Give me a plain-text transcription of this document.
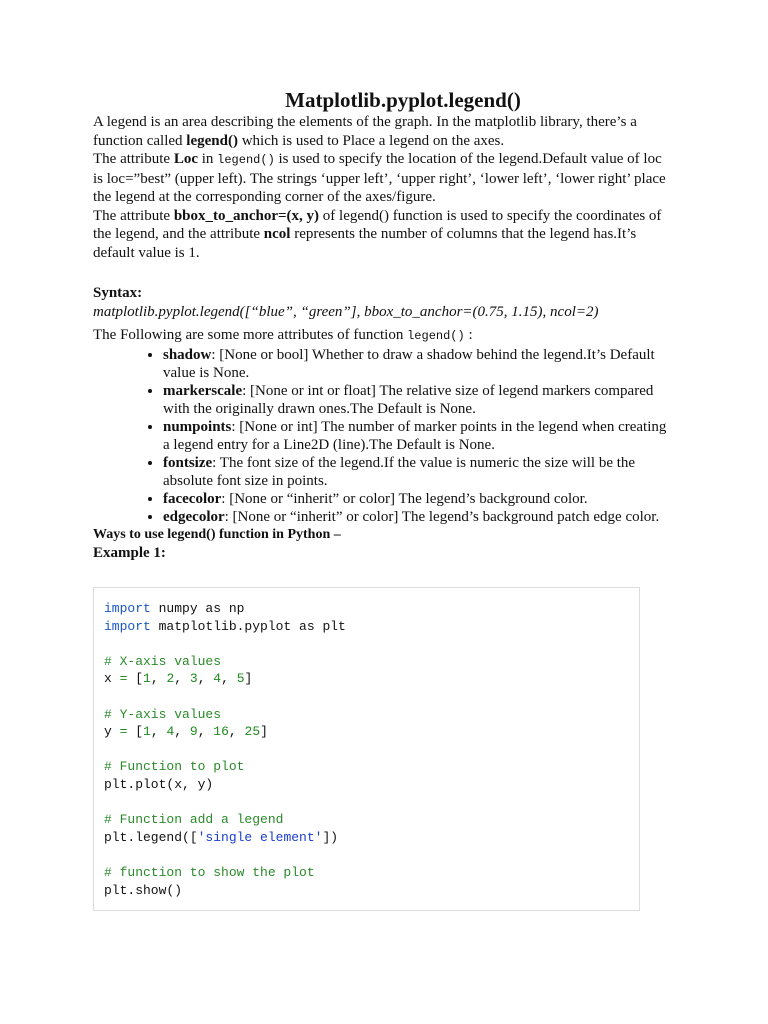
Matplotlib.pyplot.legend()

A legend is an area describing the elements of the graph. In the matplotlib library, there’s a function called legend() which is used to Place a legend on the axes.

The attribute Loc in legend() is used to specify the location of the legend.Default value of loc is loc=”best” (upper left). The strings ‘upper left’, ‘upper right’, ‘lower left’, ‘lower right’ place the legend at the corresponding corner of the axes/figure.

The attribute bbox_to_anchor=(x, y) of legend() function is used to specify the coordinates of the legend, and the attribute ncol represents the number of columns that the legend has.It’s default value is 1.

Syntax:
matplotlib.pyplot.legend([“blue”, “green”], bbox_to_anchor=(0.75, 1.15), ncol=2)

The Following are some more attributes of function legend() :

• shadow: [None or bool] Whether to draw a shadow behind the legend.It’s Default value is None.
• markerscale: [None or int or float] The relative size of legend markers compared with the originally drawn ones.The Default is None.
• numpoints: [None or int] The number of marker points in the legend when creating a legend entry for a Line2D (line).The Default is None.
• fontsize: The font size of the legend.If the value is numeric the size will be the absolute font size in points.
• facecolor: [None or “inherit” or color] The legend’s background color.
• edgecolor: [None or “inherit” or color] The legend’s background patch edge color.
Ways to use legend() function in Python –
Example 1:
import numpy as np
import matplotlib.pyplot as plt
# X-axis values
x = [1, 2, 3, 4, 5]
# Y-axis values
y = [1, 4, 9, 16, 25]
# Function to plot
plt.plot(x, y)
# Function add a legend
plt.legend(['single element'])
# function to show the plot
plt.show()
